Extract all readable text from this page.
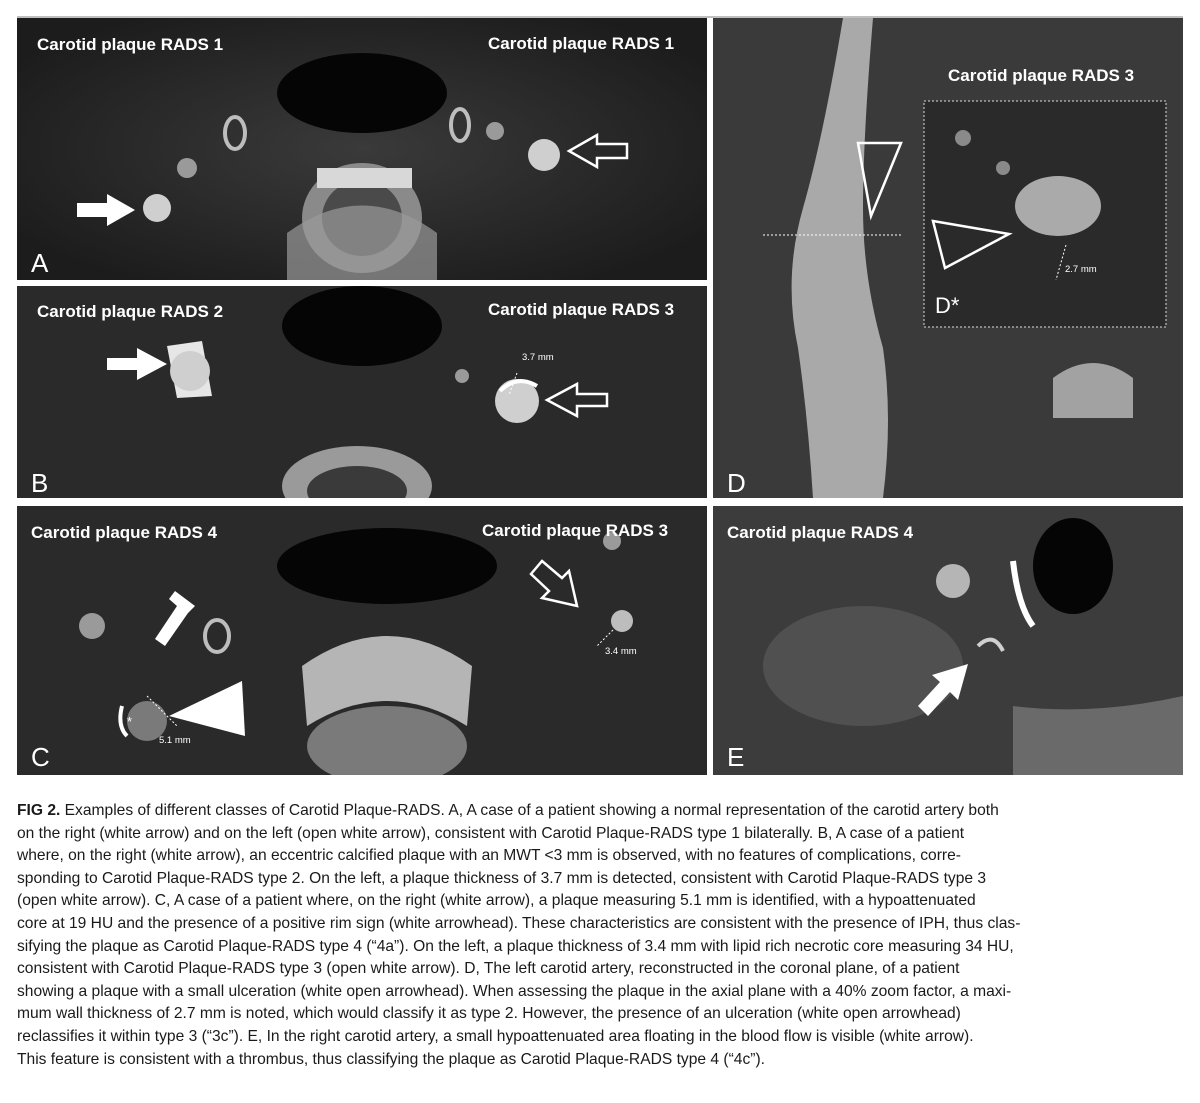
Carotid plaque RADS 1	Carotid plaque RADS 1
A
Carotid plaque RADS 2	Carotid plaque RADS 3
3.7 mm
B
Carotid plaque RADS 4	Carotid plaque RADS 3
3.4 mm
5.1 mm
*
C
Carotid plaque RADS 3
2.7 mm
D*
D
Carotid plaque RADS 4
E
FIG 2. Examples of different classes of Carotid Plaque-RADS. A, A case of a patient showing a normal representation of the carotid artery both
on the right (white arrow) and on the left (open white arrow), consistent with Carotid Plaque-RADS type 1 bilaterally. B, A case of a patient
where, on the right (white arrow), an eccentric calcified plaque with an MWT <3 mm is observed, with no features of complications, corre-
sponding to Carotid Plaque-RADS type 2. On the left, a plaque thickness of 3.7 mm is detected, consistent with Carotid Plaque-RADS type 3
(open white arrow). C, A case of a patient where, on the right (white arrow), a plaque measuring 5.1 mm is identified, with a hypoattenuated
core at 19 HU and the presence of a positive rim sign (white arrowhead). These characteristics are consistent with the presence of IPH, thus clas-
sifying the plaque as Carotid Plaque-RADS type 4 (“4a”). On the left, a plaque thickness of 3.4 mm with lipid rich necrotic core measuring 34 HU,
consistent with Carotid Plaque-RADS type 3 (open white arrow). D, The left carotid artery, reconstructed in the coronal plane, of a patient
showing a plaque with a small ulceration (white open arrowhead). When assessing the plaque in the axial plane with a 40% zoom factor, a maxi-
mum wall thickness of 2.7 mm is noted, which would classify it as type 2. However, the presence of an ulceration (white open arrowhead)
reclassifies it within type 3 (“3c”). E, In the right carotid artery, a small hypoattenuated area floating in the blood flow is visible (white arrow).
This feature is consistent with a thrombus, thus classifying the plaque as Carotid Plaque-RADS type 4 (“4c”).
